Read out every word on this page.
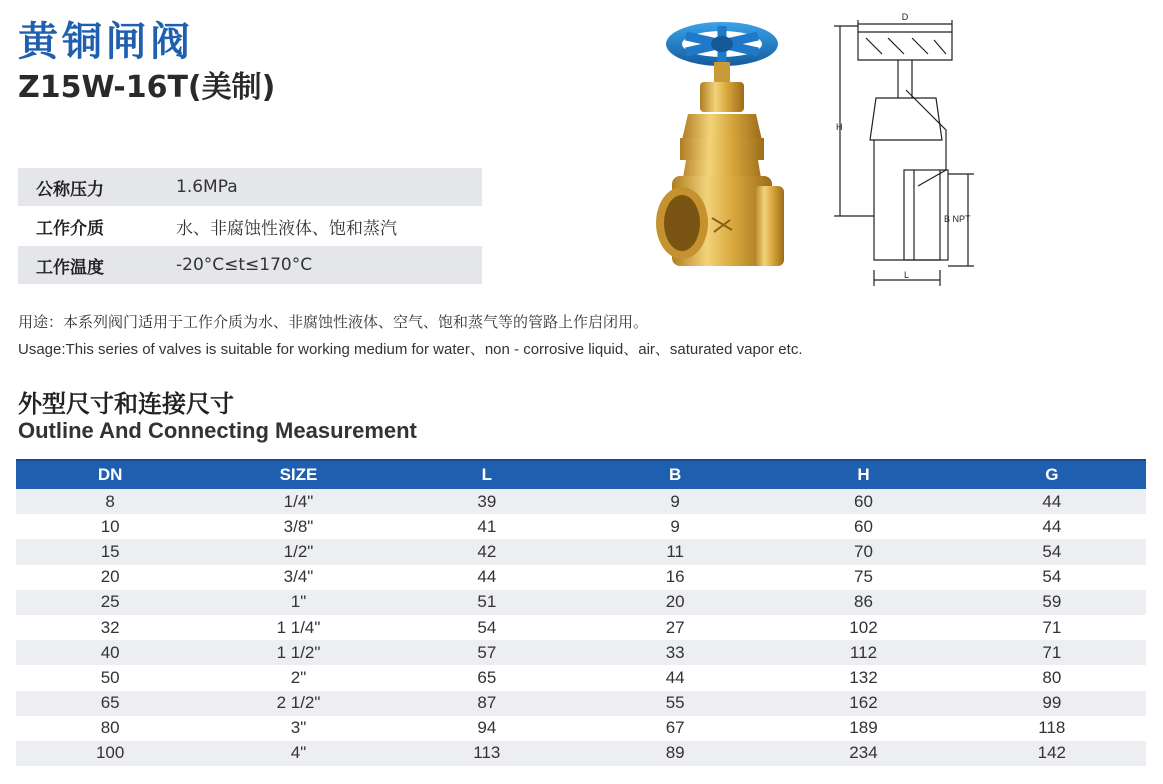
黄铜闸阀
Z15W-16T(美制)
公称压力	1.6MPa
工作介质	水、非腐蚀性液体、饱和蒸汽
工作温度	-20°C≤t≤170°C
D
H
B NPT
L

用途：本系列阀门适用于工作介质为水、非腐蚀性液体、空气、饱和蒸气等的管路上作启闭用。

Usage:This series of valves is suitable for working medium for water、non - corrosive liquid、air、saturated vapor etc.

外型尺寸和连接尺寸
Outline And Connecting Measurement
DN	SIZE	L	B	H	G
8	1/4"	39	9	60	44
10	3/8"	41	9	60	44
15	1/2"	42	11	70	54
20	3/4"	44	16	75	54
25	1"	51	20	86	59
32	1 1/4"	54	27	102	71
40	1 1/2"	57	33	112	71
50	2"	65	44	132	80
65	2 1/2"	87	55	162	99
80	3"	94	67	189	118
100	4"	113	89	234	142
